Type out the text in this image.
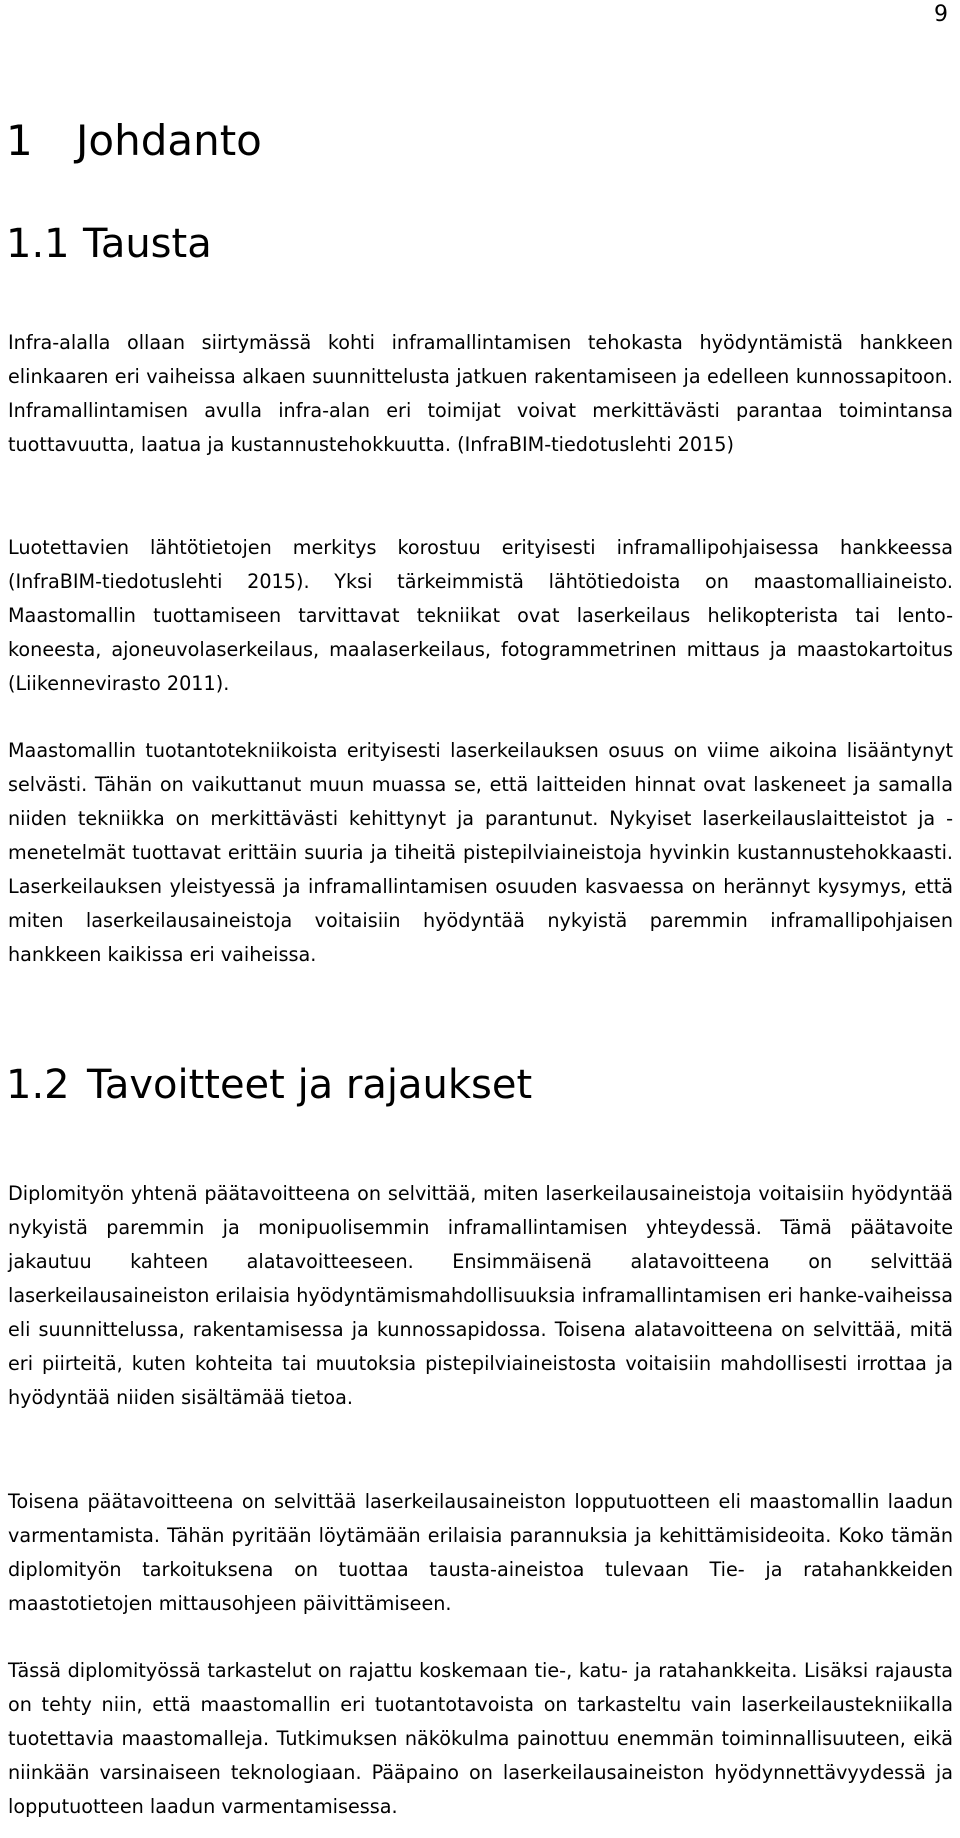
9
1 Johdanto
1.1 Tausta

Infra-alalla ollaan siirtymässä kohti inframallintamisen tehokasta hyödyntämistä hankkeen elinkaaren eri vaiheissa alkaen suunnittelusta jatkuen rakentamiseen ja edelleen kunnossapitoon. Inframallintamisen avulla infra-alan eri toimijat voivat merkittävästi parantaa toimintansa tuottavuutta, laatua ja kustannustehokkuutta. (InfraBIM-tiedotuslehti 2015)

Luotettavien lähtötietojen merkitys korostuu erityisesti inframallipohjaisessa hankkeessa (InfraBIM-tiedotuslehti 2015). Yksi tärkeimmistä lähtötiedoista on maastomalliaineisto. Maastomallin tuottamiseen tarvittavat tekniikat ovat laserkeilaus helikopterista tai lento-koneesta, ajoneuvolaserkeilaus, maalaserkeilaus, fotogrammetrinen mittaus ja maastokartoitus (Liikennevirasto 2011).

Maastomallin tuotantotekniikoista erityisesti laserkeilauksen osuus on viime aikoina lisääntynyt selvästi. Tähän on vaikuttanut muun muassa se, että laitteiden hinnat ovat laskeneet ja samalla niiden tekniikka on merkittävästi kehittynyt ja parantunut. Nykyiset laserkeilauslaitteistot ja -menetelmät tuottavat erittäin suuria ja tiheitä pistepilviaineistoja hyvinkin kustannustehokkaasti. Laserkeilauksen yleistyessä ja inframallintamisen osuuden kasvaessa on herännyt kysymys, että miten laserkeilausaineistoja voitaisiin hyödyntää nykyistä paremmin inframallipohjaisen hankkeen kaikissa eri vaiheissa.

1.2 Tavoitteet ja rajaukset

Diplomityön yhtenä päätavoitteena on selvittää, miten laserkeilausaineistoja voitaisiin hyödyntää nykyistä paremmin ja monipuolisemmin inframallintamisen yhteydessä. Tämä päätavoite jakautuu kahteen alatavoitteeseen. Ensimmäisenä alatavoitteena on selvittää laserkeilausaineiston erilaisia hyödyntämismahdollisuuksia inframallintamisen eri hanke-vaiheissa eli suunnittelussa, rakentamisessa ja kunnossapidossa. Toisena alatavoitteena on selvittää, mitä eri piirteitä, kuten kohteita tai muutoksia pistepilviaineistosta voitaisiin mahdollisesti irrottaa ja hyödyntää niiden sisältämää tietoa.

Toisena päätavoitteena on selvittää laserkeilausaineiston lopputuotteen eli maastomallin laadun varmentamista. Tähän pyritään löytämään erilaisia parannuksia ja kehittämisideoita. Koko tämän diplomityön tarkoituksena on tuottaa tausta-aineistoa tulevaan Tie- ja ratahankkeiden maastotietojen mittausohjeen päivittämiseen.

Tässä diplomityössä tarkastelut on rajattu koskemaan tie-, katu- ja ratahankkeita. Lisäksi rajausta on tehty niin, että maastomallin eri tuotantotavoista on tarkasteltu vain laserkeilaustekniikalla tuotettavia maastomalleja. Tutkimuksen näkökulma painottuu enemmän toiminnallisuuteen, eikä niinkään varsinaiseen teknologiaan. Pääpaino on laserkeilausaineiston hyödynnettävyydessä ja lopputuotteen laadun varmentamisessa.
